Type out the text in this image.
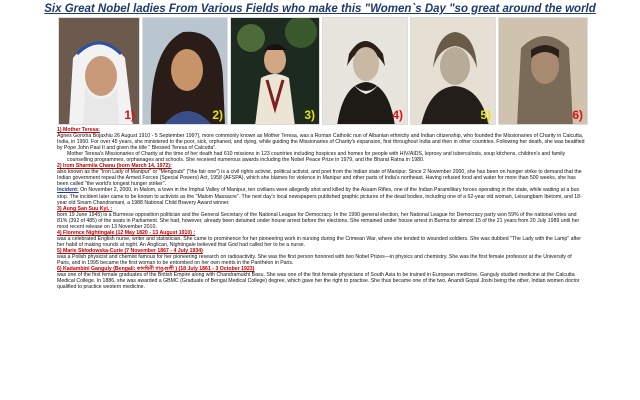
Six Great Nobel ladies From Various Fields who make this "Women`s Day "so great around the world
1)	2)	3)	4)	5)	6)
1) Mother Teresa:
Agnes Gonxha Bojaxhiu 26 August 1910 - 5 September 1997), more commonly known as Mother Teresa, was a Roman Catholic nun of Albanian ethnicity and Indian citizenship, who founded the Missionaries of Charity in Calcutta, India, in 1950. For over 45 years, she ministered to the poor, sick, orphaned, and dying, while guiding the Missionaries of Charity's expansion, first throughout India and then in other countries. Following her death, she was beatified by Pope John Paul II and given the title " Blessed Teresa of Calcutta".
Mother Teresa's Missionaries of Charity at the time of her death had 610 missions in 123 countries including hospices and homes for people with HIV/AIDS, leprosy and tuberculosis, soup kitchens, children's and family counselling programmes, orphanages and schools. She received numerous awards including the Nobel Peace Prize in 1979, and the Bharat Ratna in 1980.
2) Irom Sharmila Chanu (born March 14, 1972):
also known as the "Iron Lady of Manipur" or "Mengoubi" ("the fair one") is a civil rights activist, political activist, and poet from the Indian state of Manipur. Since 2 November 2000, she has been on hunger strike to demand that the Indian government repeal the Armed Forces (Special Powers) Act, 1958 (AFSPA), which she blames for violence in Manipur and other parts of India's northeast. Having refused food and water for more than 500 weeks, she has been called "the world's longest hunger striker".
Incident: On November 2, 2000, in Malom, a town in the Imphal Valley of Manipur, ten civilians were allegedly shot and killed by the Assam Rifles, one of the Indian Paramilitary forces operating in the state, while waiting at a bus stop. The incident later came to be known to activists as the "Malom Massacre". The next day's local newspapers published graphic pictures of the dead bodies, including one of a 62-year old woman, Leisangbam Ibetomi, and 18-year old Sinam Chandramani, a 1988 National Child Bravery Award winner.
3) Aung San Suu Kyi, :
born 19 June 1945) is a Burmese opposition politician and the General Secretary of the National League for Democracy. In the 1990 general election, her National League for Democracy party won 59% of the national votes and 81% (392 of 485) of the seats in Parliament. She had, however, already been detained under house arrest before the elections. She remained under house arrest in Burma for almost 15 of the 21 years from 20 July 1989 until her most recent release on 13 November 2010.
4) Florence Nightingale (12 May 1820 - 13 August 1910) :
was a celebrated English nurse, writer and statistician. She came to prominence for her pioneering work in nursing during the Crimean War, where she tended to wounded soldiers. She was dubbed "The Lady with the Lamp" after her habit of making rounds at night. An Anglican, Nightingale believed that God had called her to be a nurse.
5) Marie Skłodowska-Curie (7 November 1867 - 4 July 1934)
was a Polish physicist and chemist famous for her pioneering research on radioactivity. She was the first person honored with two Nobel Prizes—in physics and chemistry. She was the first female professor at the University of Paris, and in 1995 became the first woman to be entombed on her own merits in the Panthéon in Paris.
6) Kadambini Ganguly (Bengali: কাদম্বিনী গাঙ্গুলী ) (18 July 1861 - 3 October 1923)
was one of the first female graduates of the British Empire along with Chandramukhi Basu. She was one of the first female physicians of South Asia to be trained in European medicine. Ganguly studied medicine at the Calcutta Medical College. In 1886, she was awarded a GBMC (Graduate of Bengal Medical College) degree, which gave her the right to practise. She thus became one of the two, Anandi Gopal Joshi being the other, Indian women doctor qualified to practice western medicine.
